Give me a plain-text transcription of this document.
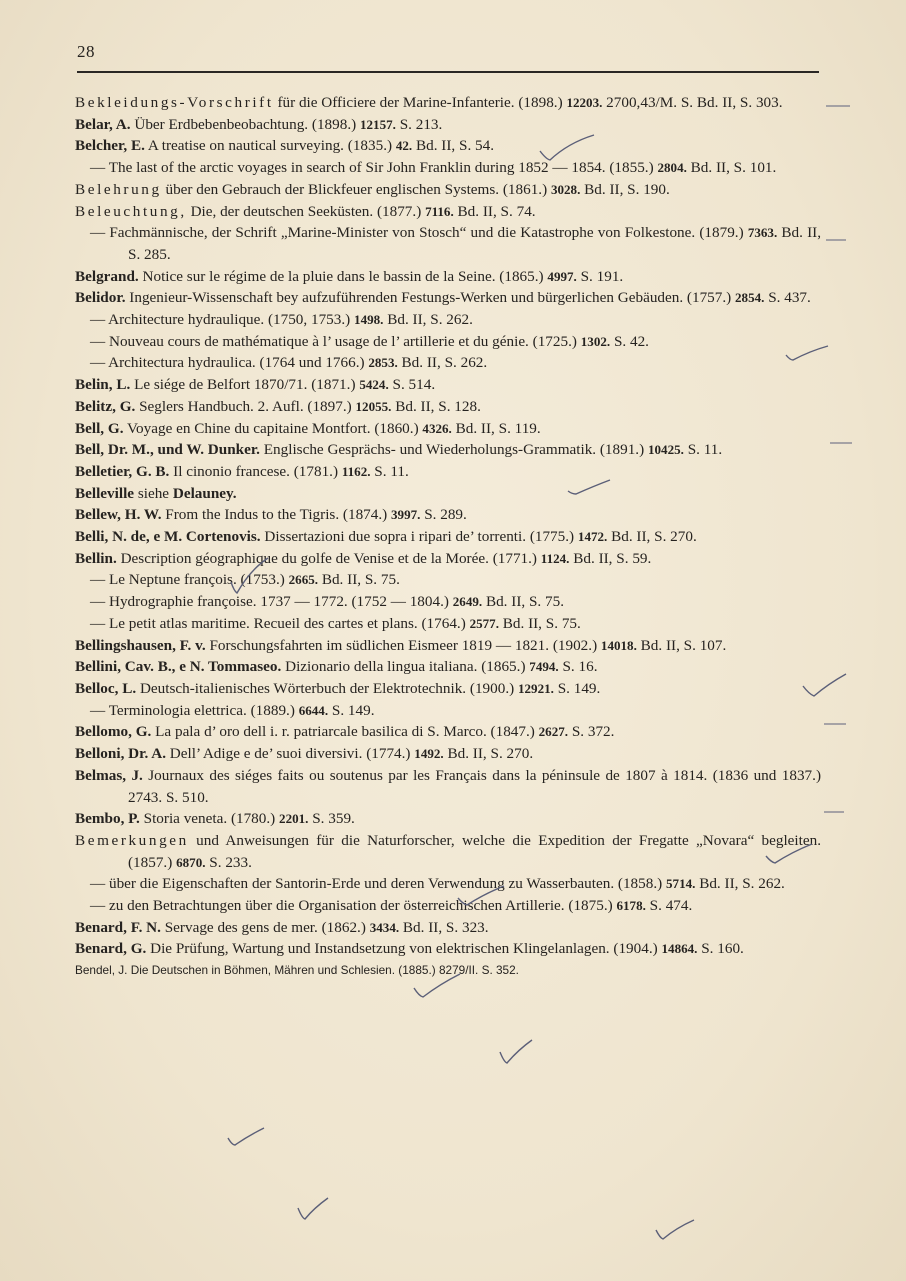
28
Bekleidungs-Vorschrift für die Officiere der Marine-Infanterie. (1898.) 12203. 2700,43/M. S. Bd. II, S. 303.
Belar, A. Über Erdbebenbeobachtung. (1898.) 12157. S. 213.
Belcher, E. A treatise on nautical surveying. (1835.) 42. Bd. II, S. 54.
— The last of the arctic voyages in search of Sir John Franklin during 1852 — 1854. (1855.) 2804. Bd. II, S. 101.
Belehrung über den Gebrauch der Blickfeuer englischen Systems. (1861.) 3028. Bd. II, S. 190.
Beleuchtung, Die, der deutschen Seeküsten. (1877.) 7116. Bd. II, S. 74.
— Fachmännische, der Schrift „Marine-Minister von Stosch“ und die Katastrophe von Folkestone. (1879.) 7363. Bd. II, S. 285.
Belgrand. Notice sur le régime de la pluie dans le bassin de la Seine. (1865.) 4997. S. 191.
Belidor. Ingenieur-Wissenschaft bey aufzuführenden Festungs-Werken und bürgerlichen Gebäuden. (1757.) 2854. S. 437.
— Architecture hydraulique. (1750, 1753.) 1498. Bd. II, S. 262.
— Nouveau cours de mathématique à l’ usage de l’ artillerie et du génie. (1725.) 1302. S. 42.
— Architectura hydraulica. (1764 und 1766.) 2853. Bd. II, S. 262.
Belin, L. Le siége de Belfort 1870/71. (1871.) 5424. S. 514.
Belitz, G. Seglers Handbuch. 2. Aufl. (1897.) 12055. Bd. II, S. 128.
Bell, G. Voyage en Chine du capitaine Montfort. (1860.) 4326. Bd. II, S. 119.
Bell, Dr. M., und W. Dunker. Englische Gesprächs- und Wiederholungs-Grammatik. (1891.) 10425. S. 11.
Belletier, G. B. Il cinonio francese. (1781.) 1162. S. 11.
Belleville siehe Delauney.
Bellew, H. W. From the Indus to the Tigris. (1874.) 3997. S. 289.
Belli, N. de, e M. Cortenovis. Dissertazioni due sopra i ripari de’ torrenti. (1775.) 1472. Bd. II, S. 270.
Bellin. Description géographique du golfe de Venise et de la Morée. (1771.) 1124. Bd. II, S. 59.
— Le Neptune françois. (1753.) 2665. Bd. II, S. 75.
— Hydrographie françoise. 1737 — 1772. (1752 — 1804.) 2649. Bd. II, S. 75.
— Le petit atlas maritime. Recueil des cartes et plans. (1764.) 2577. Bd. II, S. 75.
Bellingshausen, F. v. Forschungsfahrten im südlichen Eismeer 1819 — 1821. (1902.) 14018. Bd. II, S. 107.
Bellini, Cav. B., e N. Tommaseo. Dizionario della lingua italiana. (1865.) 7494. S. 16.
Belloc, L. Deutsch-italienisches Wörterbuch der Elektrotechnik. (1900.) 12921. S. 149.
— Terminologia elettrica. (1889.) 6644. S. 149.
Bellomo, G. La pala d’ oro dell i. r. patriarcale basilica di S. Marco. (1847.) 2627. S. 372.
Belloni, Dr. A. Dell’ Adige e de’ suoi diversivi. (1774.) 1492. Bd. II, S. 270.
Belmas, J. Journaux des siéges faits ou soutenus par les Français dans la péninsule de 1807 à 1814. (1836 und 1837.) 2743. S. 510.
Bembo, P. Storia veneta. (1780.) 2201. S. 359.
Bemerkungen und Anweisungen für die Naturforscher, welche die Expedition der Fregatte „Novara“ begleiten. (1857.) 6870. S. 233.
— über die Eigenschaften der Santorin-Erde und deren Verwendung zu Wasserbauten. (1858.) 5714. Bd. II, S. 262.
— zu den Betrachtungen über die Organisation der österreichischen Artillerie. (1875.) 6178. S. 474.
Benard, F. N. Servage des gens de mer. (1862.) 3434. Bd. II, S. 323.
Benard, G. Die Prüfung, Wartung und Instandsetzung von elektrischen Klingelanlagen. (1904.) 14864. S. 160.
Bendel, J. Die Deutschen in Böhmen, Mähren und Schlesien. (1885.) 8279/II. S. 352.
